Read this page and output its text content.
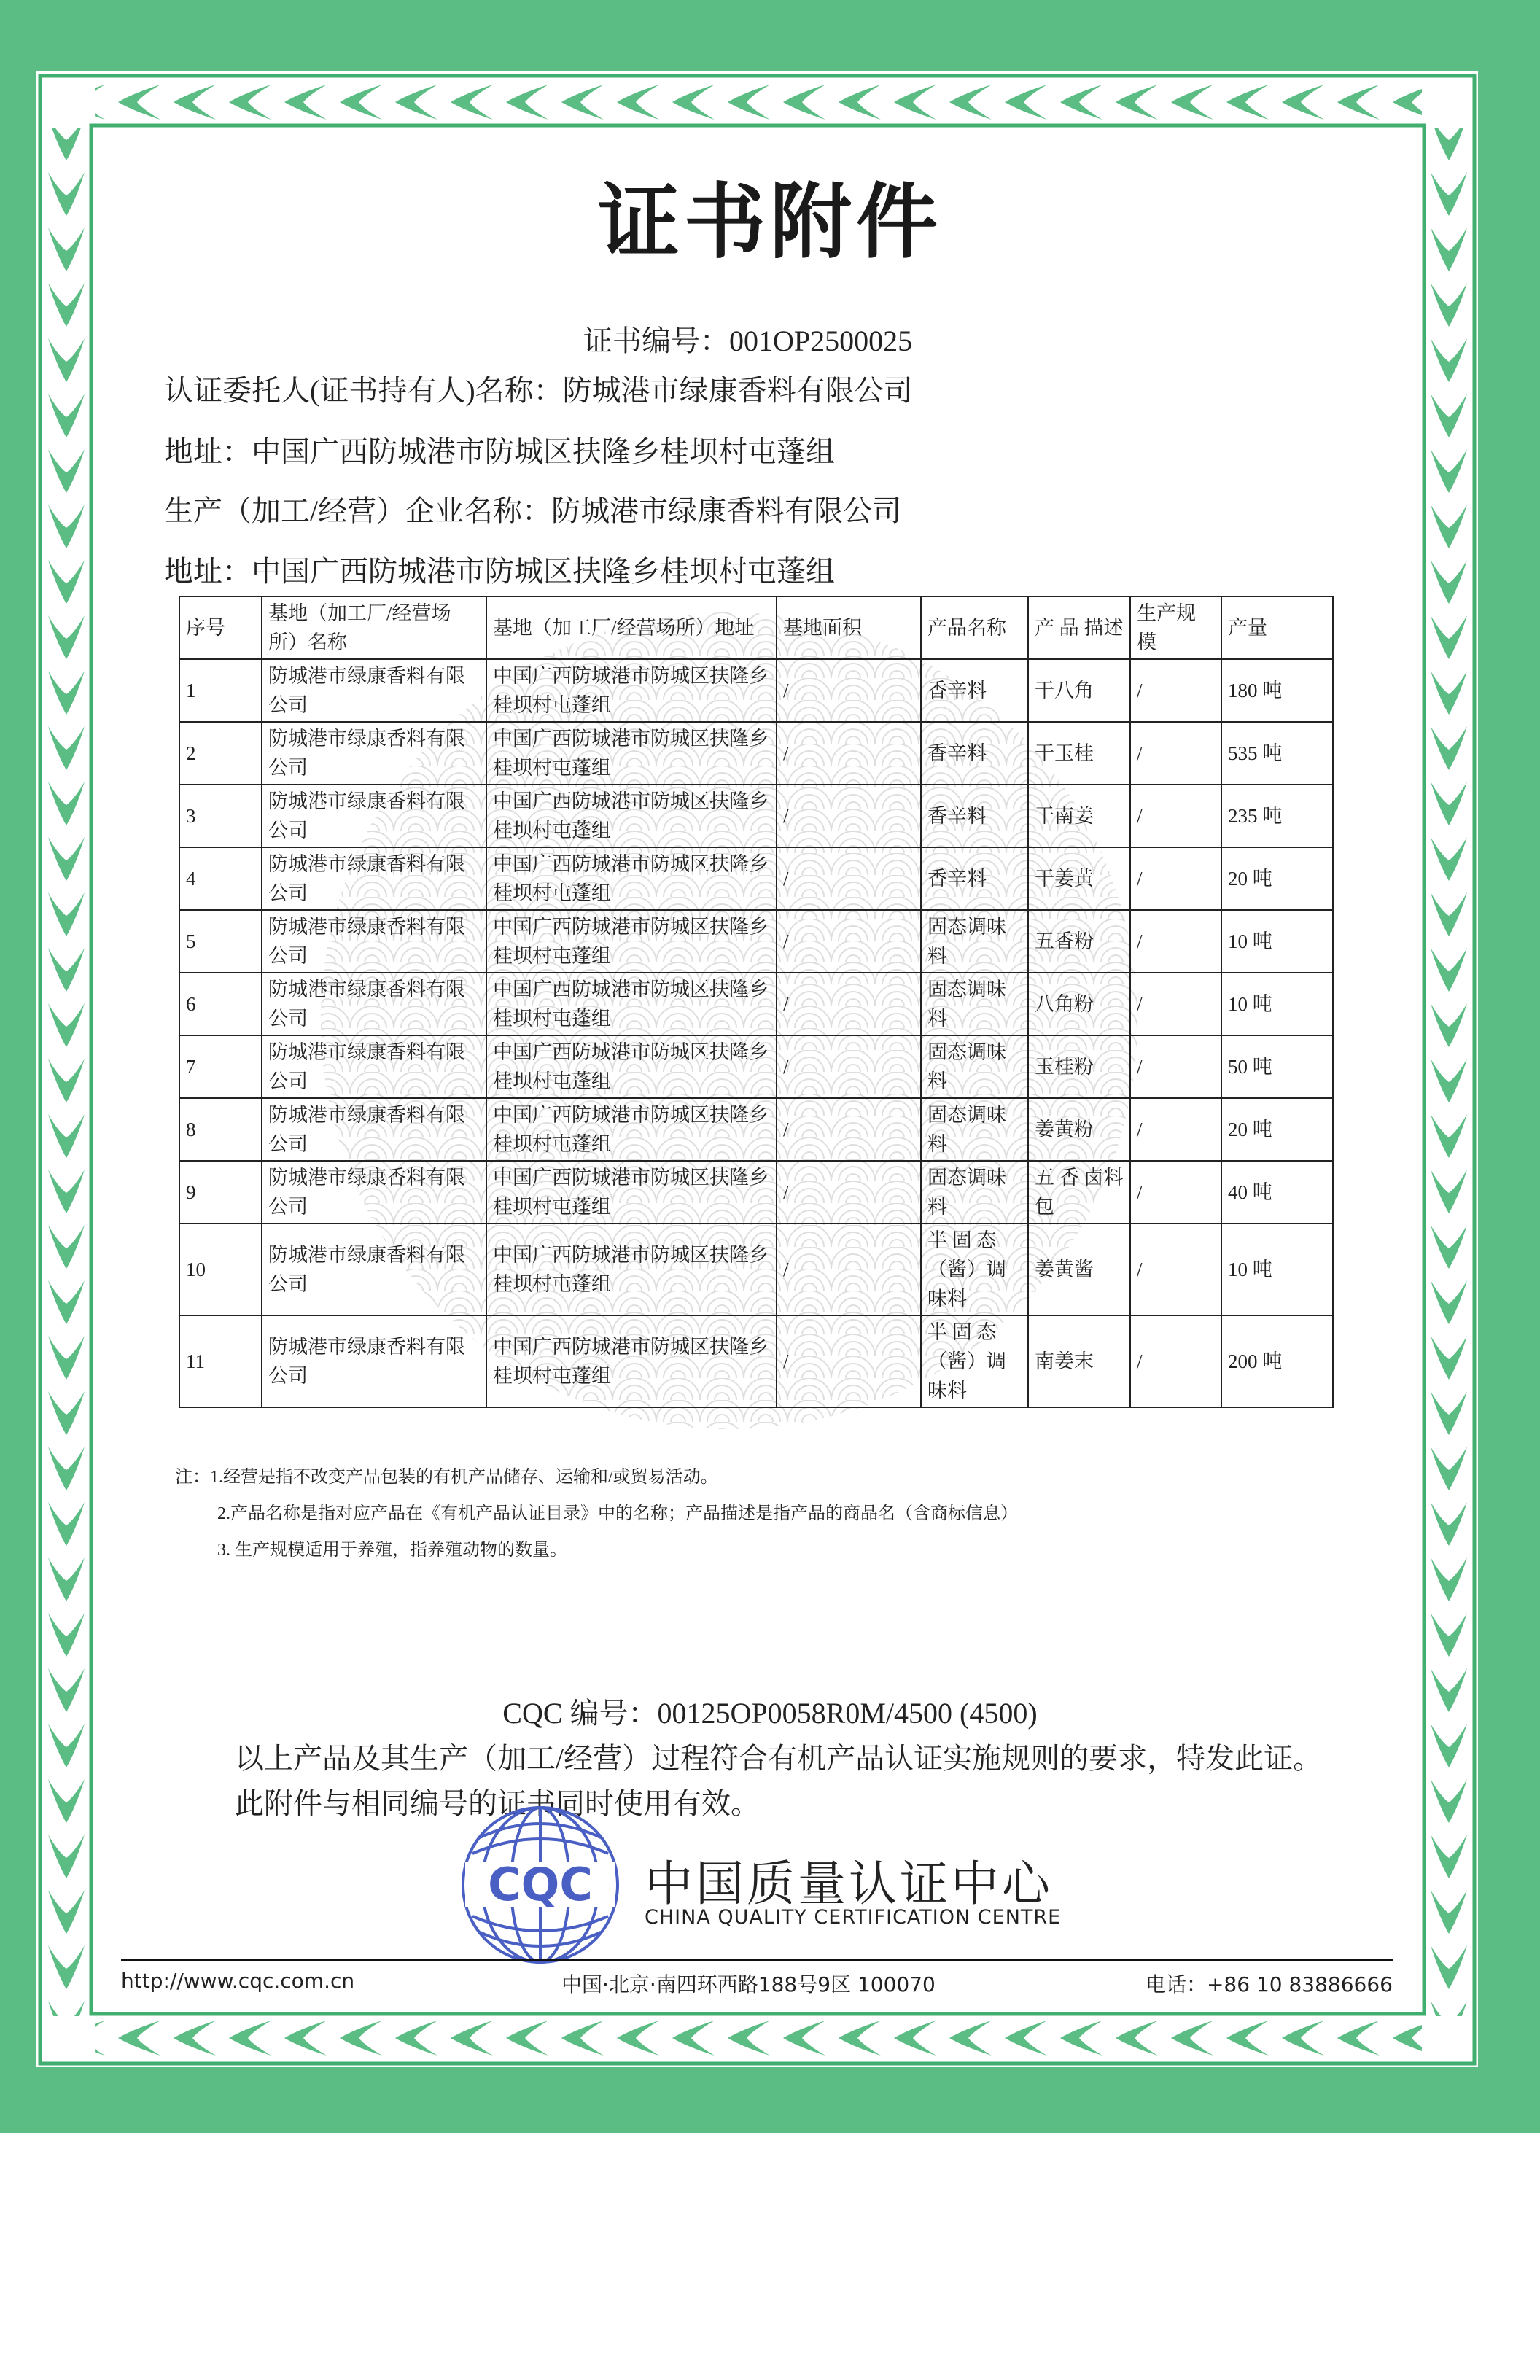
证书附件
证书编号：001OP2500025
认证委托人(证书持有人)名称：防城港市绿康香料有限公司
地址：中国广西防城港市防城区扶隆乡桂坝村屯蓬组
生产（加工/经营）企业名称：防城港市绿康香料有限公司
地址：中国广西防城港市防城区扶隆乡桂坝村屯蓬组
序号	基地（加工厂/经营场所）名称	基地（加工厂/经营场所）地址	基地面积	产品名称	产 品 描述	生产规模	产量
1	防城港市绿康香料有限公司	中国广西防城港市防城区扶隆乡桂坝村屯蓬组	/	香辛料	干八角	/	180 吨
2	防城港市绿康香料有限公司	中国广西防城港市防城区扶隆乡桂坝村屯蓬组	/	香辛料	干玉桂	/	535 吨
3	防城港市绿康香料有限公司	中国广西防城港市防城区扶隆乡桂坝村屯蓬组	/	香辛料	干南姜	/	235 吨
4	防城港市绿康香料有限公司	中国广西防城港市防城区扶隆乡桂坝村屯蓬组	/	香辛料	干姜黄	/	20 吨
5	防城港市绿康香料有限公司	中国广西防城港市防城区扶隆乡桂坝村屯蓬组	/	固态调味料	五香粉	/	10 吨
6	防城港市绿康香料有限公司	中国广西防城港市防城区扶隆乡桂坝村屯蓬组	/	固态调味料	八角粉	/	10 吨
7	防城港市绿康香料有限公司	中国广西防城港市防城区扶隆乡桂坝村屯蓬组	/	固态调味料	玉桂粉	/	50 吨
8	防城港市绿康香料有限公司	中国广西防城港市防城区扶隆乡桂坝村屯蓬组	/	固态调味料	姜黄粉	/	20 吨
9	防城港市绿康香料有限公司	中国广西防城港市防城区扶隆乡桂坝村屯蓬组	/	固态调味料	五 香 卤料包	/	40 吨
10	防城港市绿康香料有限公司	中国广西防城港市防城区扶隆乡桂坝村屯蓬组	/	半 固 态（酱）调味料	姜黄酱	/	10 吨
11	防城港市绿康香料有限公司	中国广西防城港市防城区扶隆乡桂坝村屯蓬组	/	半 固 态（酱）调味料	南姜末	/	200 吨
注：1.经营是指不改变产品包装的有机产品储存、运输和/或贸易活动。
2.产品名称是指对应产品在《有机产品认证目录》中的名称；产品描述是指产品的商品名（含商标信息）
3. 生产规模适用于养殖，指养殖动物的数量。
CQC 编号：00125OP0058R0M/4500 (4500)
以上产品及其生产（加工/经营）过程符合有机产品认证实施规则的要求，特发此证。
此附件与相同编号的证书同时使用有效。
CQC 中国质量认证中心
CHINA QUALITY CERTIFICATION CENTRE
http://www.cqc.com.cn	中国·北京·南四环西路188号9区 100070	电话：+86 10 83886666
